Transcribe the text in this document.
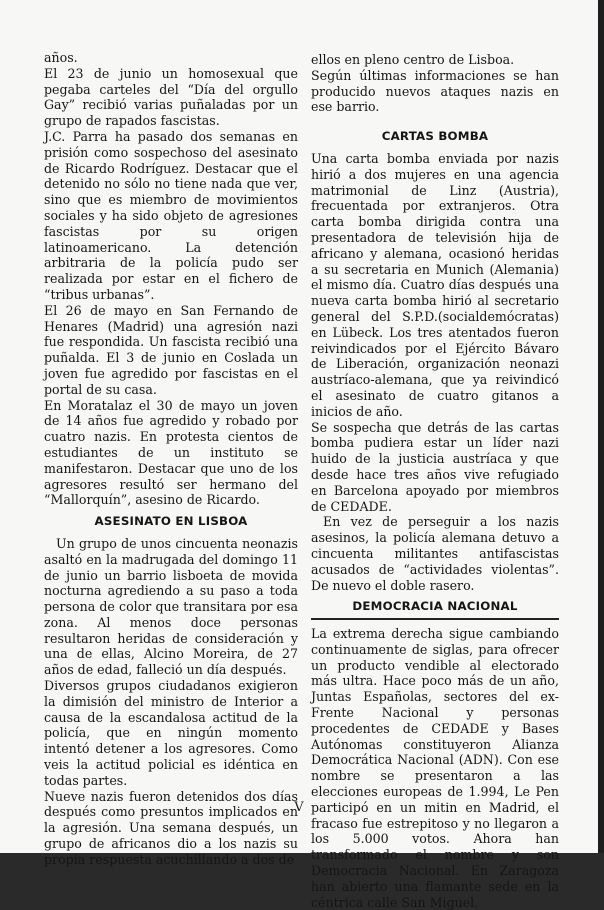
años.

El 23 de junio un homosexual que pegaba carteles del “Día del orgullo Gay” recibió varias puñaladas por un grupo de rapados fascistas.

J.C. Parra ha pasado dos semanas en prisión como sospechoso del asesinato de Ricardo Rodríguez. Destacar que el detenido no sólo no tiene nada que ver, sino que es miembro de movimientos sociales y ha sido objeto de agresiones fascistas por su origen latinoamericano. La detención arbitraria de la policía pudo ser realizada por estar en el fichero de “tribus urbanas”.

El 26 de mayo en San Fernando de Henares (Madrid) una agresión nazi fue respondida. Un fascista recibió una puñalda. El 3 de junio en Coslada un joven fue agredido por fascistas en el portal de su casa.

En Moratalaz el 30 de mayo un joven de 14 años fue agredido y robado por cuatro nazis. En protesta cientos de estudiantes de un instituto se manifestaron. Destacar que uno de los agresores resultó ser hermano del “Mallorquín”, asesino de Ricardo.

ASESINATO EN LISBOA

Un grupo de unos cincuenta neonazis asaltó en la madrugada del domingo 11 de junio un barrio lisboeta de movida nocturna agrediendo a su paso a toda persona de color que transitara por esa zona. Al menos doce personas resultaron heridas de consideración y una de ellas, Alcino Moreira, de 27 años de edad, falleció un día después.

Diversos grupos ciudadanos exigieron la dimisión del ministro de Interior a causa de la escandalosa actitud de la policía, que en ningún momento intentó detener a los agresores. Como veis la actitud policial es idéntica en todas partes.

Nueve nazis fueron detenidos dos días después como presuntos implicados en la agresión. Una semana después, un grupo de africanos dio a los nazis su propia respuesta acuchillando a dos de

ellos en pleno centro de Lisboa.

Según últimas informaciones se han producido nuevos ataques nazis en ese barrio.

CARTAS BOMBA

Una carta bomba enviada por nazis hirió a dos mujeres en una agencia matrimonial de Linz (Austria), frecuentada por extranjeros. Otra carta bomba dirigida contra una presentadora de televisión hija de africano y alemana, ocasionó heridas a su secretaria en Munich (Alemania) el mismo día. Cuatro días después una nueva carta bomba hirió al secretario general del S.P.D.(socialdemócratas) en Lübeck. Los tres atentados fueron reivindicados por el Ejército Bávaro de Liberación, organización neonazi austríaco-alemana, que ya reivindicó el asesinato de cuatro gitanos a inicios de año.

Se sospecha que detrás de las cartas bomba pudiera estar un líder nazi huido de la justicia austríaca y que desde hace tres años vive refugiado en Barcelona apoyado por miembros de CEDADE.

En vez de perseguir a los nazis asesinos, la policía alemana detuvo a cincuenta militantes antifascistas acusados de “actividades violentas”. De nuevo el doble rasero.

DEMOCRACIA NACIONAL

La extrema derecha sigue cambiando continuamente de siglas, para ofrecer un producto vendible al electorado más ultra. Hace poco más de un año, Juntas Españolas, sectores del ex-Frente Nacional y personas procedentes de CEDADE y Bases Autónomas constituyeron Alianza Democrática Nacional (ADN). Con ese nombre se presentaron a las elecciones europeas de 1.994, Le Pen participó en un mitin en Madrid, el fracaso fue estrepitoso y no llegaron a los 5.000 votos. Ahora han transformado el nombre y son Democracia Nacional. En Zaragoza han abierto una flamante sede en la céntrica calle San Miguel.

V
